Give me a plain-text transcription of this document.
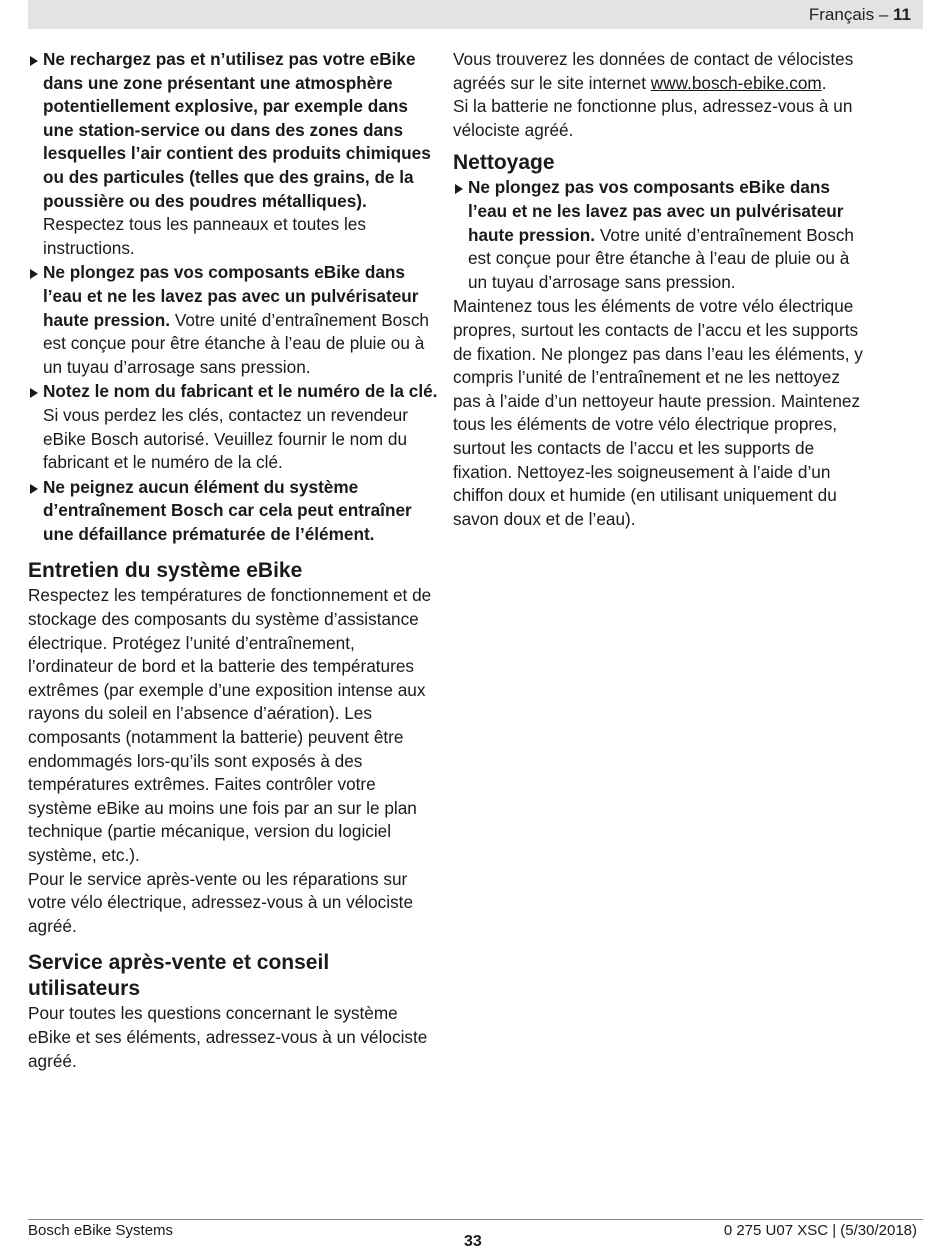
Français – 11
Ne rechargez pas et n’utilisez pas votre eBike dans une zone présentant une atmosphère potentiellement explosive, par exemple dans une station-service ou dans des zones dans lesquelles l’air contient des produits chimiques ou des particules (telles que des grains, de la poussière ou des poudres métalliques). Respectez tous les panneaux et toutes les instructions.
Ne plongez pas vos composants eBike dans l’eau et ne les lavez pas avec un pulvérisateur haute pression. Votre unité d’entraînement Bosch est conçue pour être étanche à l’eau de pluie ou à un tuyau d’arrosage sans pression.
Notez le nom du fabricant et le numéro de la clé. Si vous perdez les clés, contactez un revendeur eBike Bosch autorisé. Veuillez fournir le nom du fabricant et le numéro de la clé.
Ne peignez aucun élément du système d’entraînement Bosch car cela peut entraîner une défaillance prématurée de l’élément.
Entretien du système eBike

Respectez les températures de fonctionnement et de stockage des composants du système d’assistance électrique. Protégez l’unité d’entraînement, l’ordinateur de bord et la batterie des températures extrêmes (par exemple d’une exposition intense aux rayons du soleil en l’absence d’aération). Les composants (notamment la batterie) peuvent être endommagés lors-qu’ils sont exposés à des températures extrêmes. Faites contrôler votre système eBike au moins une fois par an sur le plan technique (partie mécanique, version du logiciel système, etc.).

Pour le service après-vente ou les réparations sur votre vélo électrique, adressez-vous à un vélociste agréé.

Service après-vente et conseil utilisateurs

Pour toutes les questions concernant le système eBike et ses éléments, adressez-vous à un vélociste agréé.

Vous trouverez les données de contact de vélocistes agréés sur le site internet www.bosch-ebike.com.

Si la batterie ne fonctionne plus, adressez-vous à un vélociste agréé.

Nettoyage
Ne plongez pas vos composants eBike dans l’eau et ne les lavez pas avec un pulvérisateur haute pression. Votre unité d’entraînement Bosch est conçue pour être étanche à l’eau de pluie ou à un tuyau d’arrosage sans pression.

Maintenez tous les éléments de votre vélo électrique propres, surtout les contacts de l’accu et les supports de fixation. Ne plongez pas dans l’eau les éléments, y compris l’unité de l’entraînement et ne les nettoyez pas à l’aide d’un nettoyeur haute pression. Maintenez tous les éléments de votre vélo électrique propres, surtout les contacts de l’accu et les supports de fixation. Nettoyez-les soigneusement à l’aide d’un chiffon doux et humide (en utilisant uniquement du savon doux et de l’eau).

Bosch eBike Systems
33
0 275 U07 XSC | (5/30/2018)
